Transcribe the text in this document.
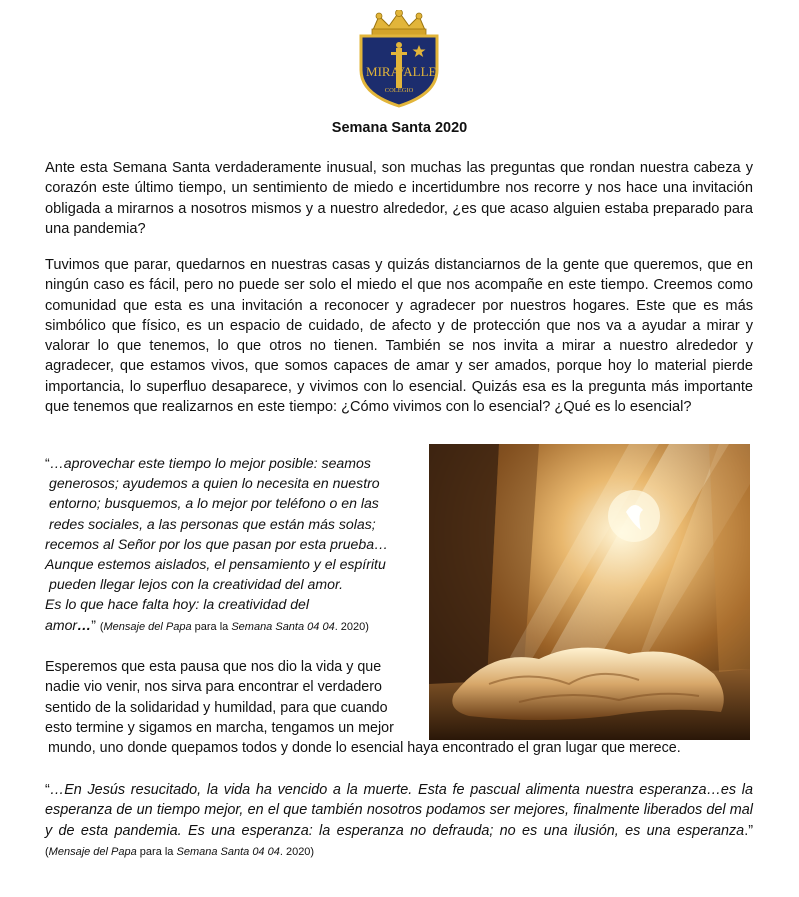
MIRA
VALLE
COLEGIO
Semana Santa 2020

Ante esta Semana Santa verdaderamente inusual, son muchas las preguntas que rondan nuestra cabeza y corazón este último tiempo, un sentimiento de miedo e incertidumbre nos recorre y nos hace una invitación obligada a mirarnos a nosotros mismos y a nuestro alrededor, ¿es que acaso alguien estaba preparado para una pandemia?

Tuvimos que parar, quedarnos en nuestras casas y quizás distanciarnos de la gente que queremos, que en ningún caso es fácil, pero no puede ser solo el miedo el que nos acompañe en este tiempo. Creemos como comunidad que esta es una invitación a reconocer y agradecer por nuestros hogares. Este que es más simbólico que físico, es un espacio de cuidado, de afecto y de protección que nos va a ayudar a mirar y valorar lo que tenemos, lo que otros no tienen. También se nos invita a mirar a nuestro alrededor y agradecer, que estamos vivos, que somos capaces de amar y ser amados, porque hoy lo material pierde importancia, lo superfluo desaparece, y vivimos con lo esencial. Quizás esa es la pregunta más importante que tenemos que realizarnos en este tiempo: ¿Cómo vivimos con lo esencial? ¿Qué es lo esencial?

“…aprovechar este tiempo lo mejor posible: seamos
generosos; ayudemos a quien lo necesita en nuestro
entorno; busquemos, a lo mejor por teléfono o en las
redes sociales, a las personas que están más solas;
recemos al Señor por los que pasan por esta prueba…
Aunque estemos aislados, el pensamiento y el espíritu
pueden llegar lejos con la creatividad del amor.
Es lo que hace falta hoy: la creatividad del
amor…” (Mensaje del Papa para la Semana Santa 04 04. 2020)
Esperemos que esta pausa que nos dio la vida y que
nadie vio venir, nos sirva para encontrar el verdadero
sentido de la solidaridad y humildad, para que cuando
esto termine y sigamos en marcha, tengamos un mejor

mundo, uno donde quepamos todos y donde lo esencial haya encontrado el gran lugar que merece.

“…En Jesús resucitado, la vida ha vencido a la muerte. Esta fe pascual alimenta nuestra esperanza…es la esperanza de un tiempo mejor, en el que también nosotros podamos ser mejores, finalmente liberados del mal y de esta pandemia. Es una esperanza: la esperanza no defrauda; no es una ilusión, es una esperanza.” (Mensaje del Papa para la Semana Santa 04 04. 2020)
